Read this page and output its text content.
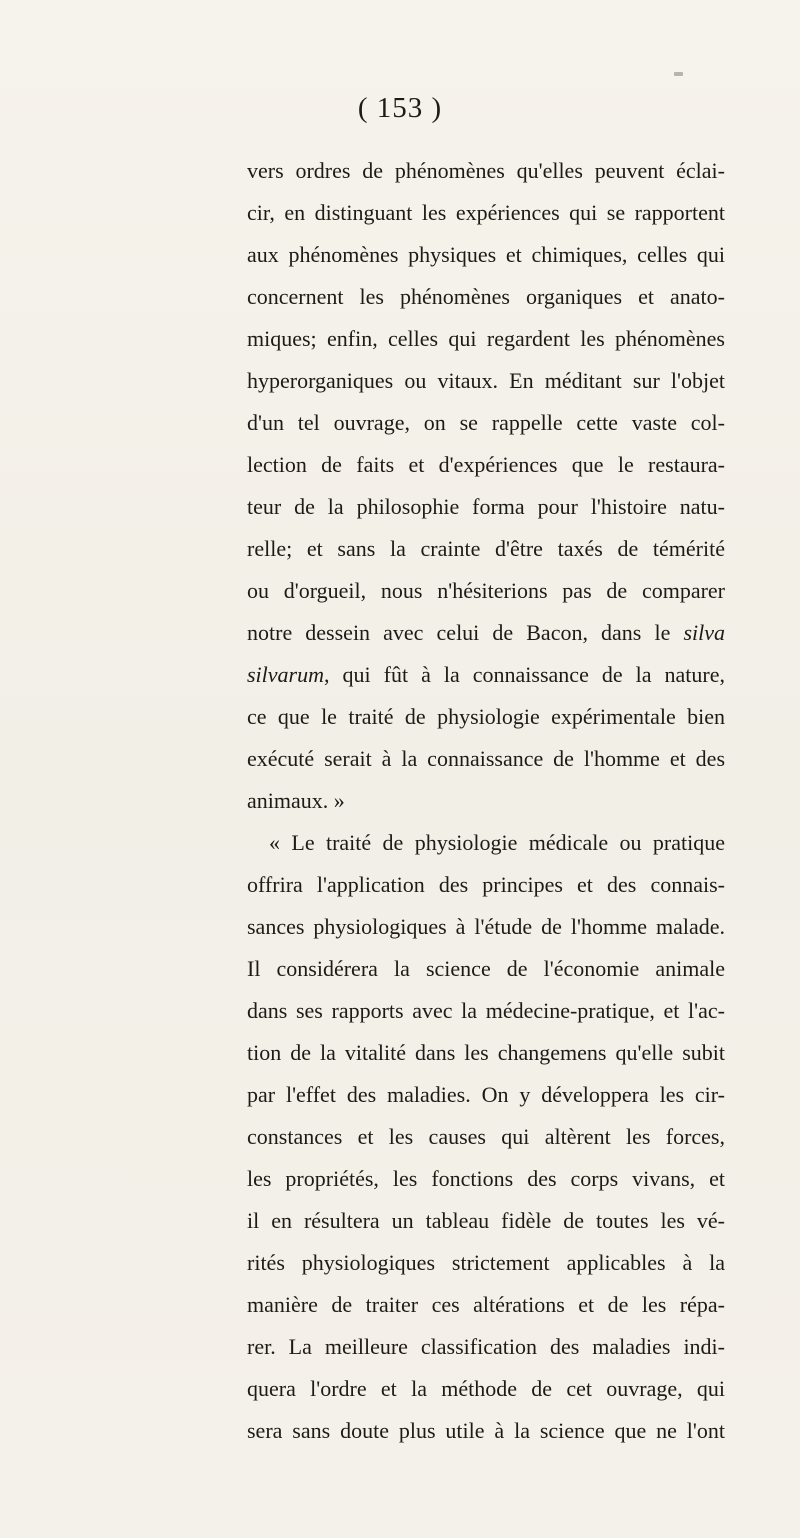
( 153 )
vers ordres de phénomènes qu'elles peuvent éclai-
cir, en distinguant les expériences qui se rapportent
aux phénomènes physiques et chimiques, celles qui
concernent les phénomènes organiques et anato-
miques; enfin, celles qui regardent les phénomènes
hyperorganiques ou vitaux. En méditant sur l'objet
d'un tel ouvrage, on se rappelle cette vaste col-
lection de faits et d'expériences que le restaura-
teur de la philosophie forma pour l'histoire natu-
relle; et sans la crainte d'être taxés de témérité
ou d'orgueil, nous n'hésiterions pas de comparer
notre dessein avec celui de Bacon, dans le silva
silvarum, qui fût à la connaissance de la nature,
ce que le traité de physiologie expérimentale bien
exécuté serait à la connaissance de l'homme et des
animaux. »
« Le traité de physiologie médicale ou pratique
offrira l'application des principes et des connais-
sances physiologiques à l'étude de l'homme malade.
Il considérera la science de l'économie animale
dans ses rapports avec la médecine-pratique, et l'ac-
tion de la vitalité dans les changemens qu'elle subit
par l'effet des maladies. On y développera les cir-
constances et les causes qui altèrent les forces,
les propriétés, les fonctions des corps vivans, et
il en résultera un tableau fidèle de toutes les vé-
rités physiologiques strictement applicables à la
manière de traiter ces altérations et de les répa-
rer. La meilleure classification des maladies indi-
quera l'ordre et la méthode de cet ouvrage, qui
sera sans doute plus utile à la science que ne l'ont
